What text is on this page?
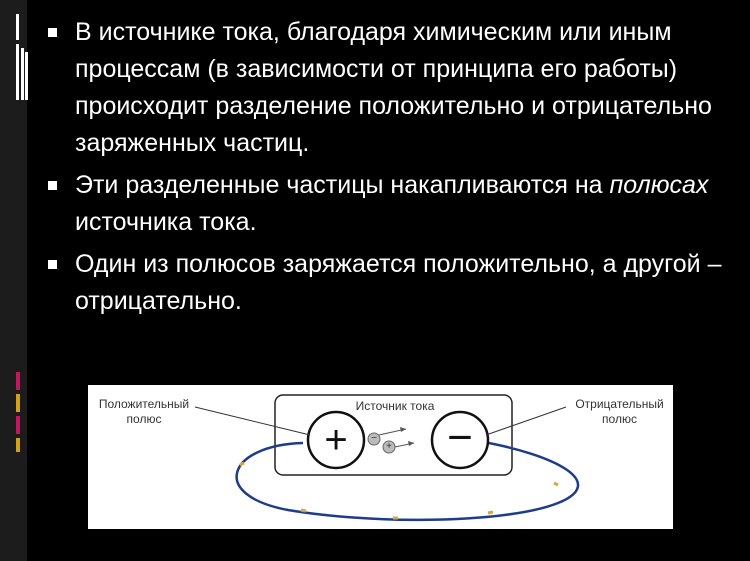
В источнике тока, благодаря химическим или иным процессам (в зависимости от принципа его работы) происходит разделение положительно и отрицательно заряженных частиц.
Эти разделенные частицы накапливаются на полюсах источника тока.
Один из полюсов заряжается положительно, а другой – отрицательно.
Положительный
полюс
Источник тока	Отрицательный
полюс
+ −
−
+
